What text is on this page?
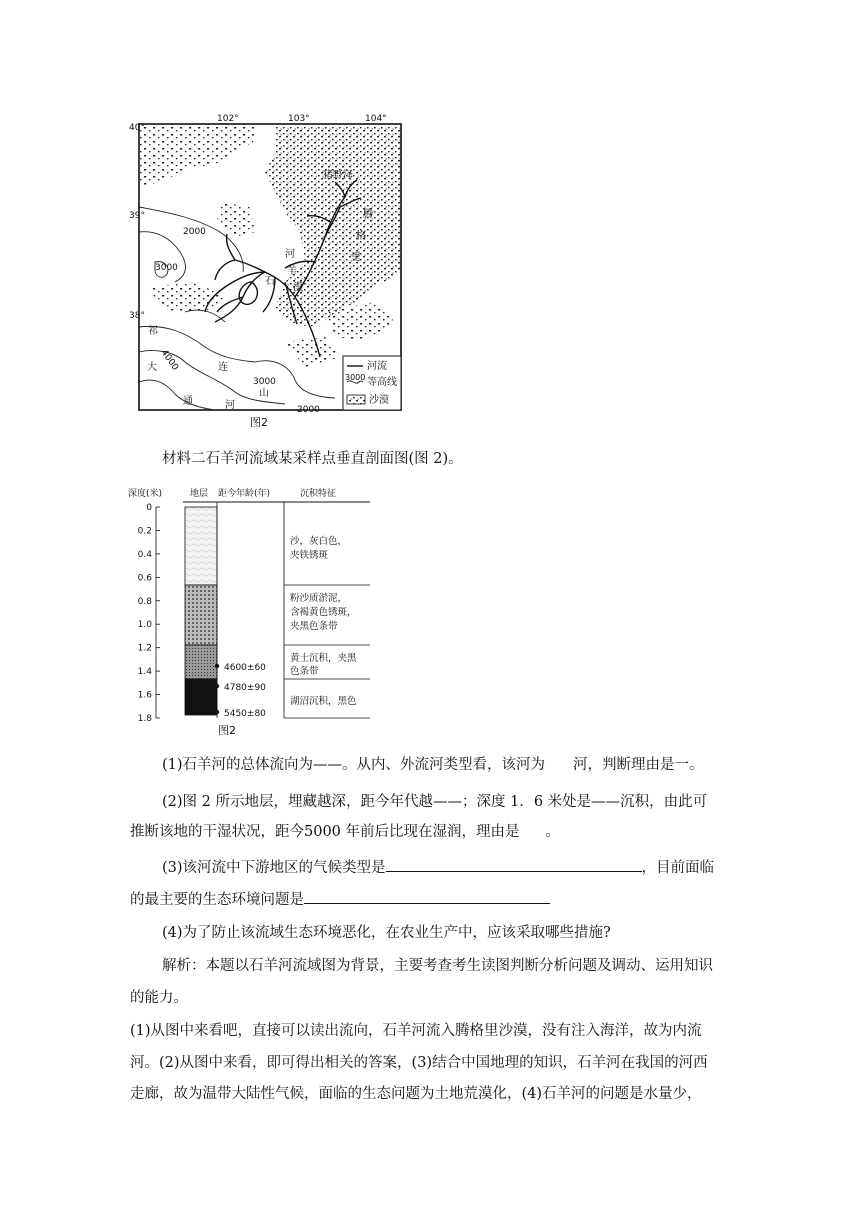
102°	103°	104°
40°
39°
38°
2000
3000
4000
3000
2000
猪野泽
腾
格
里
河
石
羊
漠
祁
大	连
通
山
河
河流
3000 等高线
沙漠
图2
材料二石羊河流域某采样点垂直剖面图(图 2)。
深度(米)	地层 距今年龄(年)	沉积特征
0
0.2
0.4
0.6
0.8
1.0
1.2
1.4
1.6
1.8
4600±60
4780±90
5450±80
沙，灰白色，
夹铁锈斑
粉沙质淤泥，
含褐黄色锈斑，
夹黑色条带
黄土沉积，夹黑
色条带
湖沼沉积，黑色
图2
(1)石羊河的总体流向为——。从内、外流河类型看，该河为 河，判断理由是一。
(2)图 2 所示地层，埋藏越深，距今年代越——；深度 1．6 米处是——沉积，由此可
推断该地的干湿状况，距今5000 年前后比现在湿润，理由是 。
(3)该河流中下游地区的气候类型是	，目前面临
的最主要的生态环境问题是
(4)为了防止该流域生态环境恶化，在农业生产中，应该采取哪些措施?
解析：本题以石羊河流域图为背景，主要考查考生读图判断分析问题及调动、运用知识
的能力。
(1)从图中来看吧，直接可以读出流向，石羊河流入腾格里沙漠，没有注入海洋，故为内流
河。(2)从图中来看，即可得出相关的答案，(3)结合中国地理的知识，石羊河在我国的河西
走廊，故为温带大陆性气候，面临的生态问题为土地荒漠化，(4)石羊河的问题是水量少，
